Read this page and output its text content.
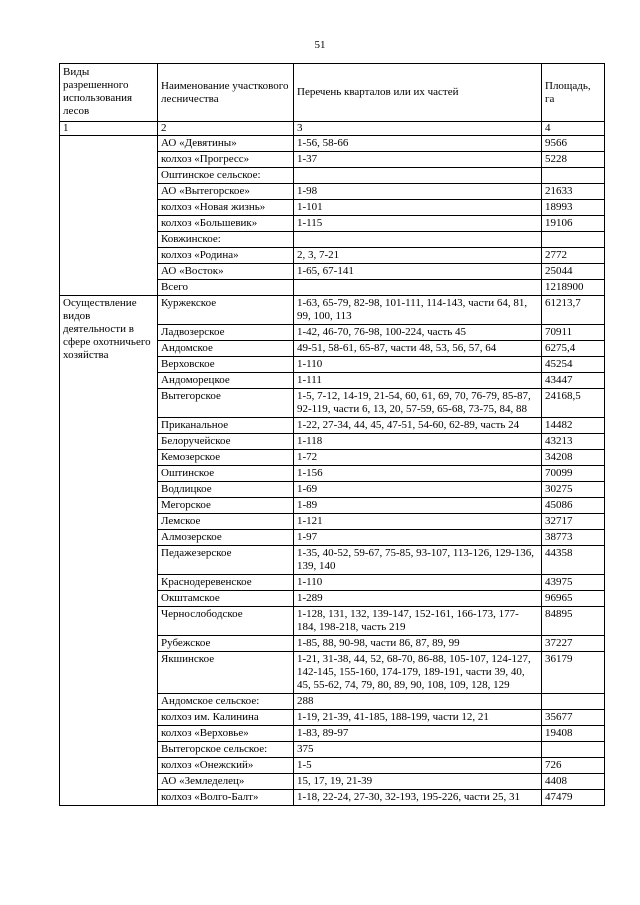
51
Виды разрешенного использования лесов	Наименование участкового лесничества	Перечень кварталов или их частей	Площадь, га
1	2	3	4
	АО «Девятины»	1-56, 58-66	9566
	колхоз «Прогресс»	1-37	5228
	Оштинское сельское:		
	АО «Вытегорское»	1-98	21633
	колхоз «Новая жизнь»	1-101	18993
	колхоз «Большевик»	1-115	19106
	Ковжинское:		
	колхоз «Родина»	2, 3, 7-21	2772
	АО «Восток»	1-65, 67-141	25044
	Всего		1218900
Осуществление видов деятельности в сфере охотничьего хозяйства	Куржекское	1-63, 65-79, 82-98, 101-111, 114-143, части 64, 81, 99, 100, 113	61213,7
	Ладвозерское	1-42, 46-70, 76-98, 100-224, часть 45	70911
	Андомское	49-51, 58-61, 65-87, части 48, 53, 56, 57, 64	6275,4
	Верховское	1-110	45254
	Андоморецкое	1-111	43447
	Вытегорское	1-5, 7-12, 14-19, 21-54, 60, 61, 69, 70, 76-79, 85-87, 92-119, части 6, 13, 20, 57-59, 65-68, 73-75, 84, 88	24168,5
	Приканальное	1-22, 27-34, 44, 45, 47-51, 54-60, 62-89, часть 24	14482
	Белоручейское	1-118	43213
	Кемозерское	1-72	34208
	Оштинское	1-156	70099
	Водлицкое	1-69	30275
	Мегорское	1-89	45086
	Лемское	1-121	32717
	Алмозерское	1-97	38773
	Педажезерское	1-35, 40-52, 59-67, 75-85, 93-107, 113-126, 129-136, 139, 140	44358
	Краснодеревенское	1-110	43975
	Окштамское	1-289	96965
	Чернослободское	1-128, 131, 132, 139-147, 152-161, 166-173, 177-184, 198-218, часть 219	84895
	Рубежское	1-85, 88, 90-98, части 86, 87, 89, 99	37227
	Якшинское	1-21, 31-38, 44, 52, 68-70, 86-88, 105-107, 124-127, 142-145, 155-160, 174-179, 189-191, части 39, 40, 45, 55-62, 74, 79, 80, 89, 90, 108, 109, 128, 129	36179
	Андомское сельское:	288	
	колхоз им. Калинина	1-19, 21-39, 41-185, 188-199, части 12, 21	35677
	колхоз «Верховье»	1-83, 89-97	19408
	Вытегорское сельское:	375	
	колхоз «Онежский»	1-5	726
	АО «Земледелец»	15, 17, 19, 21-39	4408
	колхоз «Волго-Балт»	1-18, 22-24, 27-30, 32-193, 195-226, части 25, 31	47479
